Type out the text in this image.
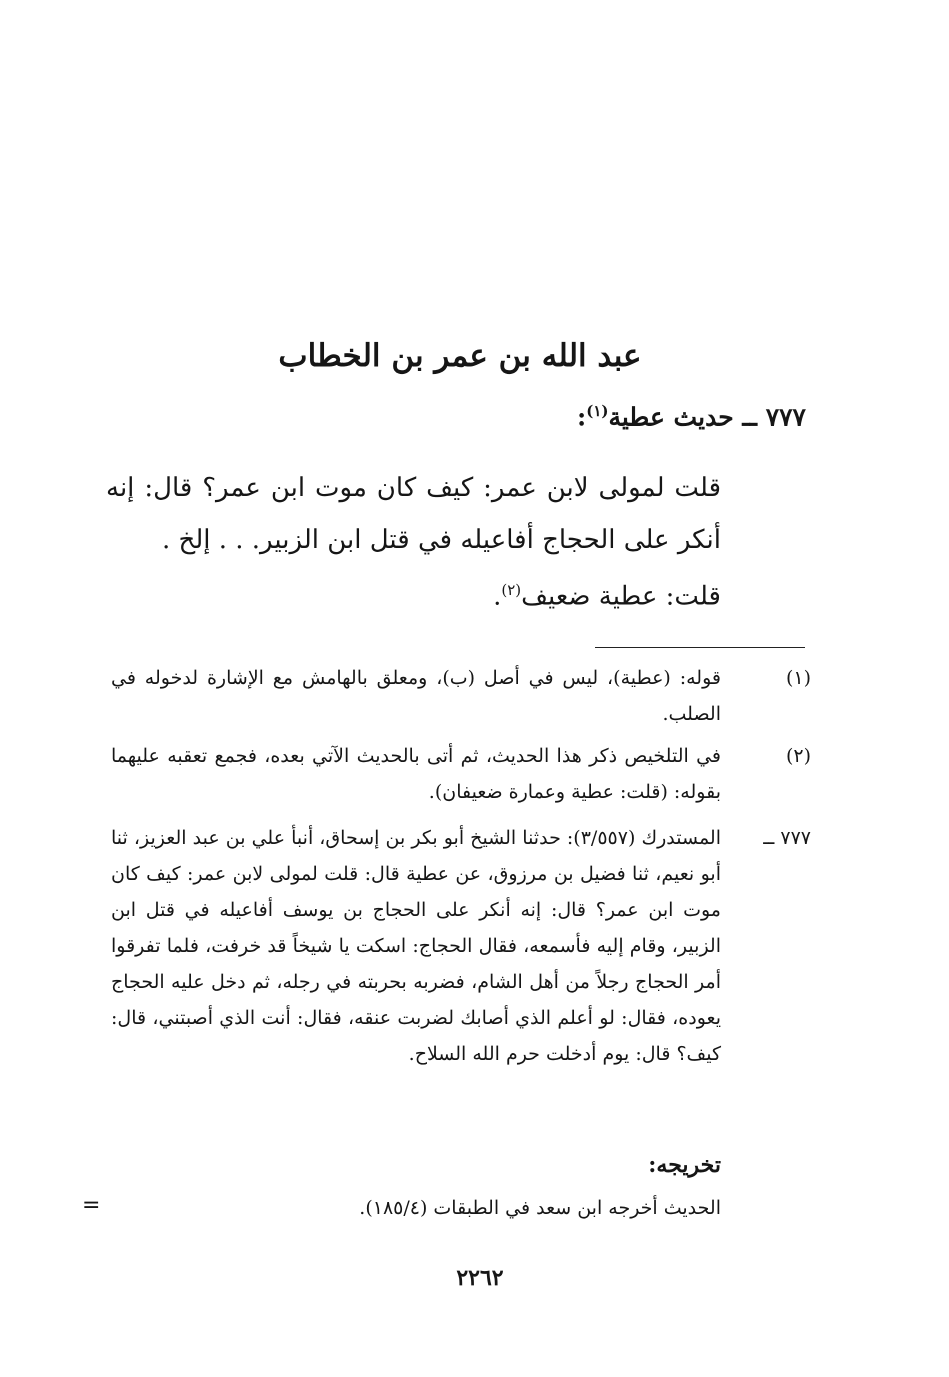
عبد الله بن عمر بن الخطاب
٧٧٧ ــ حديث عطية$^{(١)}$:
قلت لمولى لابن عمر: كيف كان موت ابن عمر؟ قال: إنه أنكر على الحجاج أفاعيله في قتل ابن الزبير. . . إلخ .
قلت: عطية ضعيف$^{(٢)}$.
(١)
قوله: (عطية)، ليس في أصل (ب)، ومعلق بالهامش مع الإشارة لدخوله في الصلب.
(٢)
في التلخيص ذكر هذا الحديث، ثم أتى بالحديث الآتي بعده، فجمع تعقبه عليهما بقوله: (قلت: عطية وعمارة ضعيفان).
٧٧٧ ــ
المستدرك (٣/٥٥٧): حدثنا الشيخ أبو بكر بن إسحاق، أنبأ علي بن عبد العزيز، ثنا أبو نعيم، ثنا فضيل بن مرزوق، عن عطية قال: قلت لمولى لابن عمر: كيف كان موت ابن عمر؟ قال: إنه أنكر على الحجاج بن يوسف أفاعيله في قتل ابن الزبير، وقام إليه فأسمعه، فقال الحجاج: اسكت يا شيخاً قد خرفت، فلما تفرقوا أمر الحجاج رجلاً من أهل الشام، فضربه بحربته في رجله، ثم دخل عليه الحجاج يعوده، فقال: لو أعلم الذي أصابك لضربت عنقه، فقال: أنت الذي أصبتني، قال: كيف؟ قال: يوم أدخلت حرم الله السلاح.
تخريجه:
الحديث أخرجه ابن سعد في الطبقات (١٨٥/٤).
=
٢٢٦٢
